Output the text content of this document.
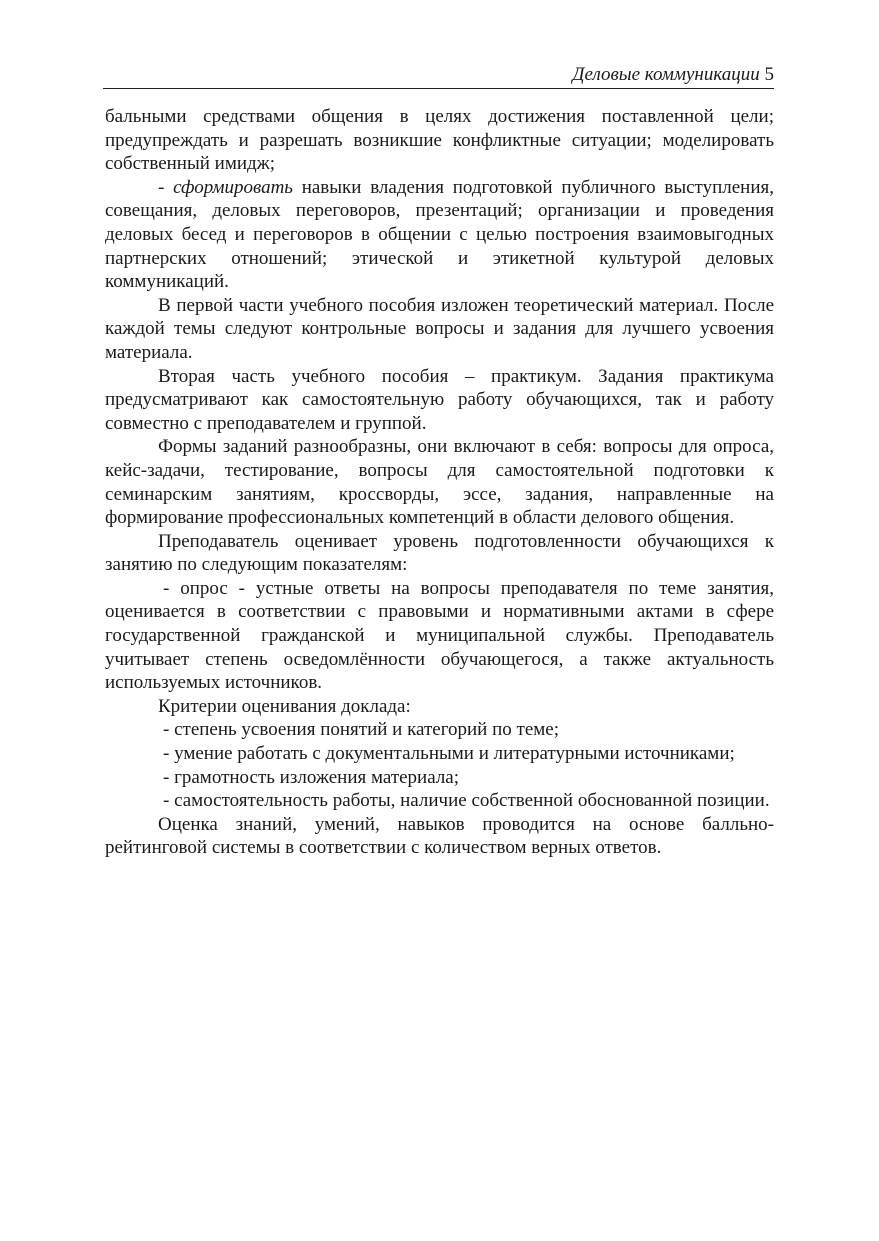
Деловые коммуникации 5

бальными средствами общения в целях достижения поставленной цели; предупреждать и разрешать возникшие конфликтные ситуации; моделировать собственный имидж;

- сформировать навыки владения подготовкой публичного выступления, совещания, деловых переговоров, презентаций; организации и проведения деловых бесед и переговоров в общении с целью построения взаимовыгодных партнерских отношений; этической и этикетной культурой деловых коммуникаций.

В первой части учебного пособия изложен теоретический материал. После каждой темы следуют контрольные вопросы и задания для лучшего усвоения материала.

Вторая часть учебного пособия – практикум. Задания практикума предусматривают как самостоятельную работу обучающихся, так и работу совместно с преподавателем и группой.

Формы заданий разнообразны, они включают в себя: вопросы для опроса, кейс-задачи, тестирование, вопросы для самостоятельной подготовки к семинарским занятиям, кроссворды, эссе, задания, направленные на формирование профессиональных компетенций в области делового общения.

Преподаватель оценивает уровень подготовленности обучающихся к занятию по следующим показателям:

- опрос - устные ответы на вопросы преподавателя по теме занятия, оценивается в соответствии с правовыми и нормативными актами в сфере государственной гражданской и муниципальной службы. Преподаватель учитывает степень осведомлённости обучающегося, а также актуальность используемых источников.

Критерии оценивания доклада:

- степень усвоения понятий и категорий по теме;

- умение работать с документальными и литературными источниками;

- грамотность изложения материала;

- самостоятельность работы, наличие собственной обоснованной позиции.

Оценка знаний, умений, навыков проводится на основе балльно-рейтинговой системы в соответствии с количеством верных ответов.
